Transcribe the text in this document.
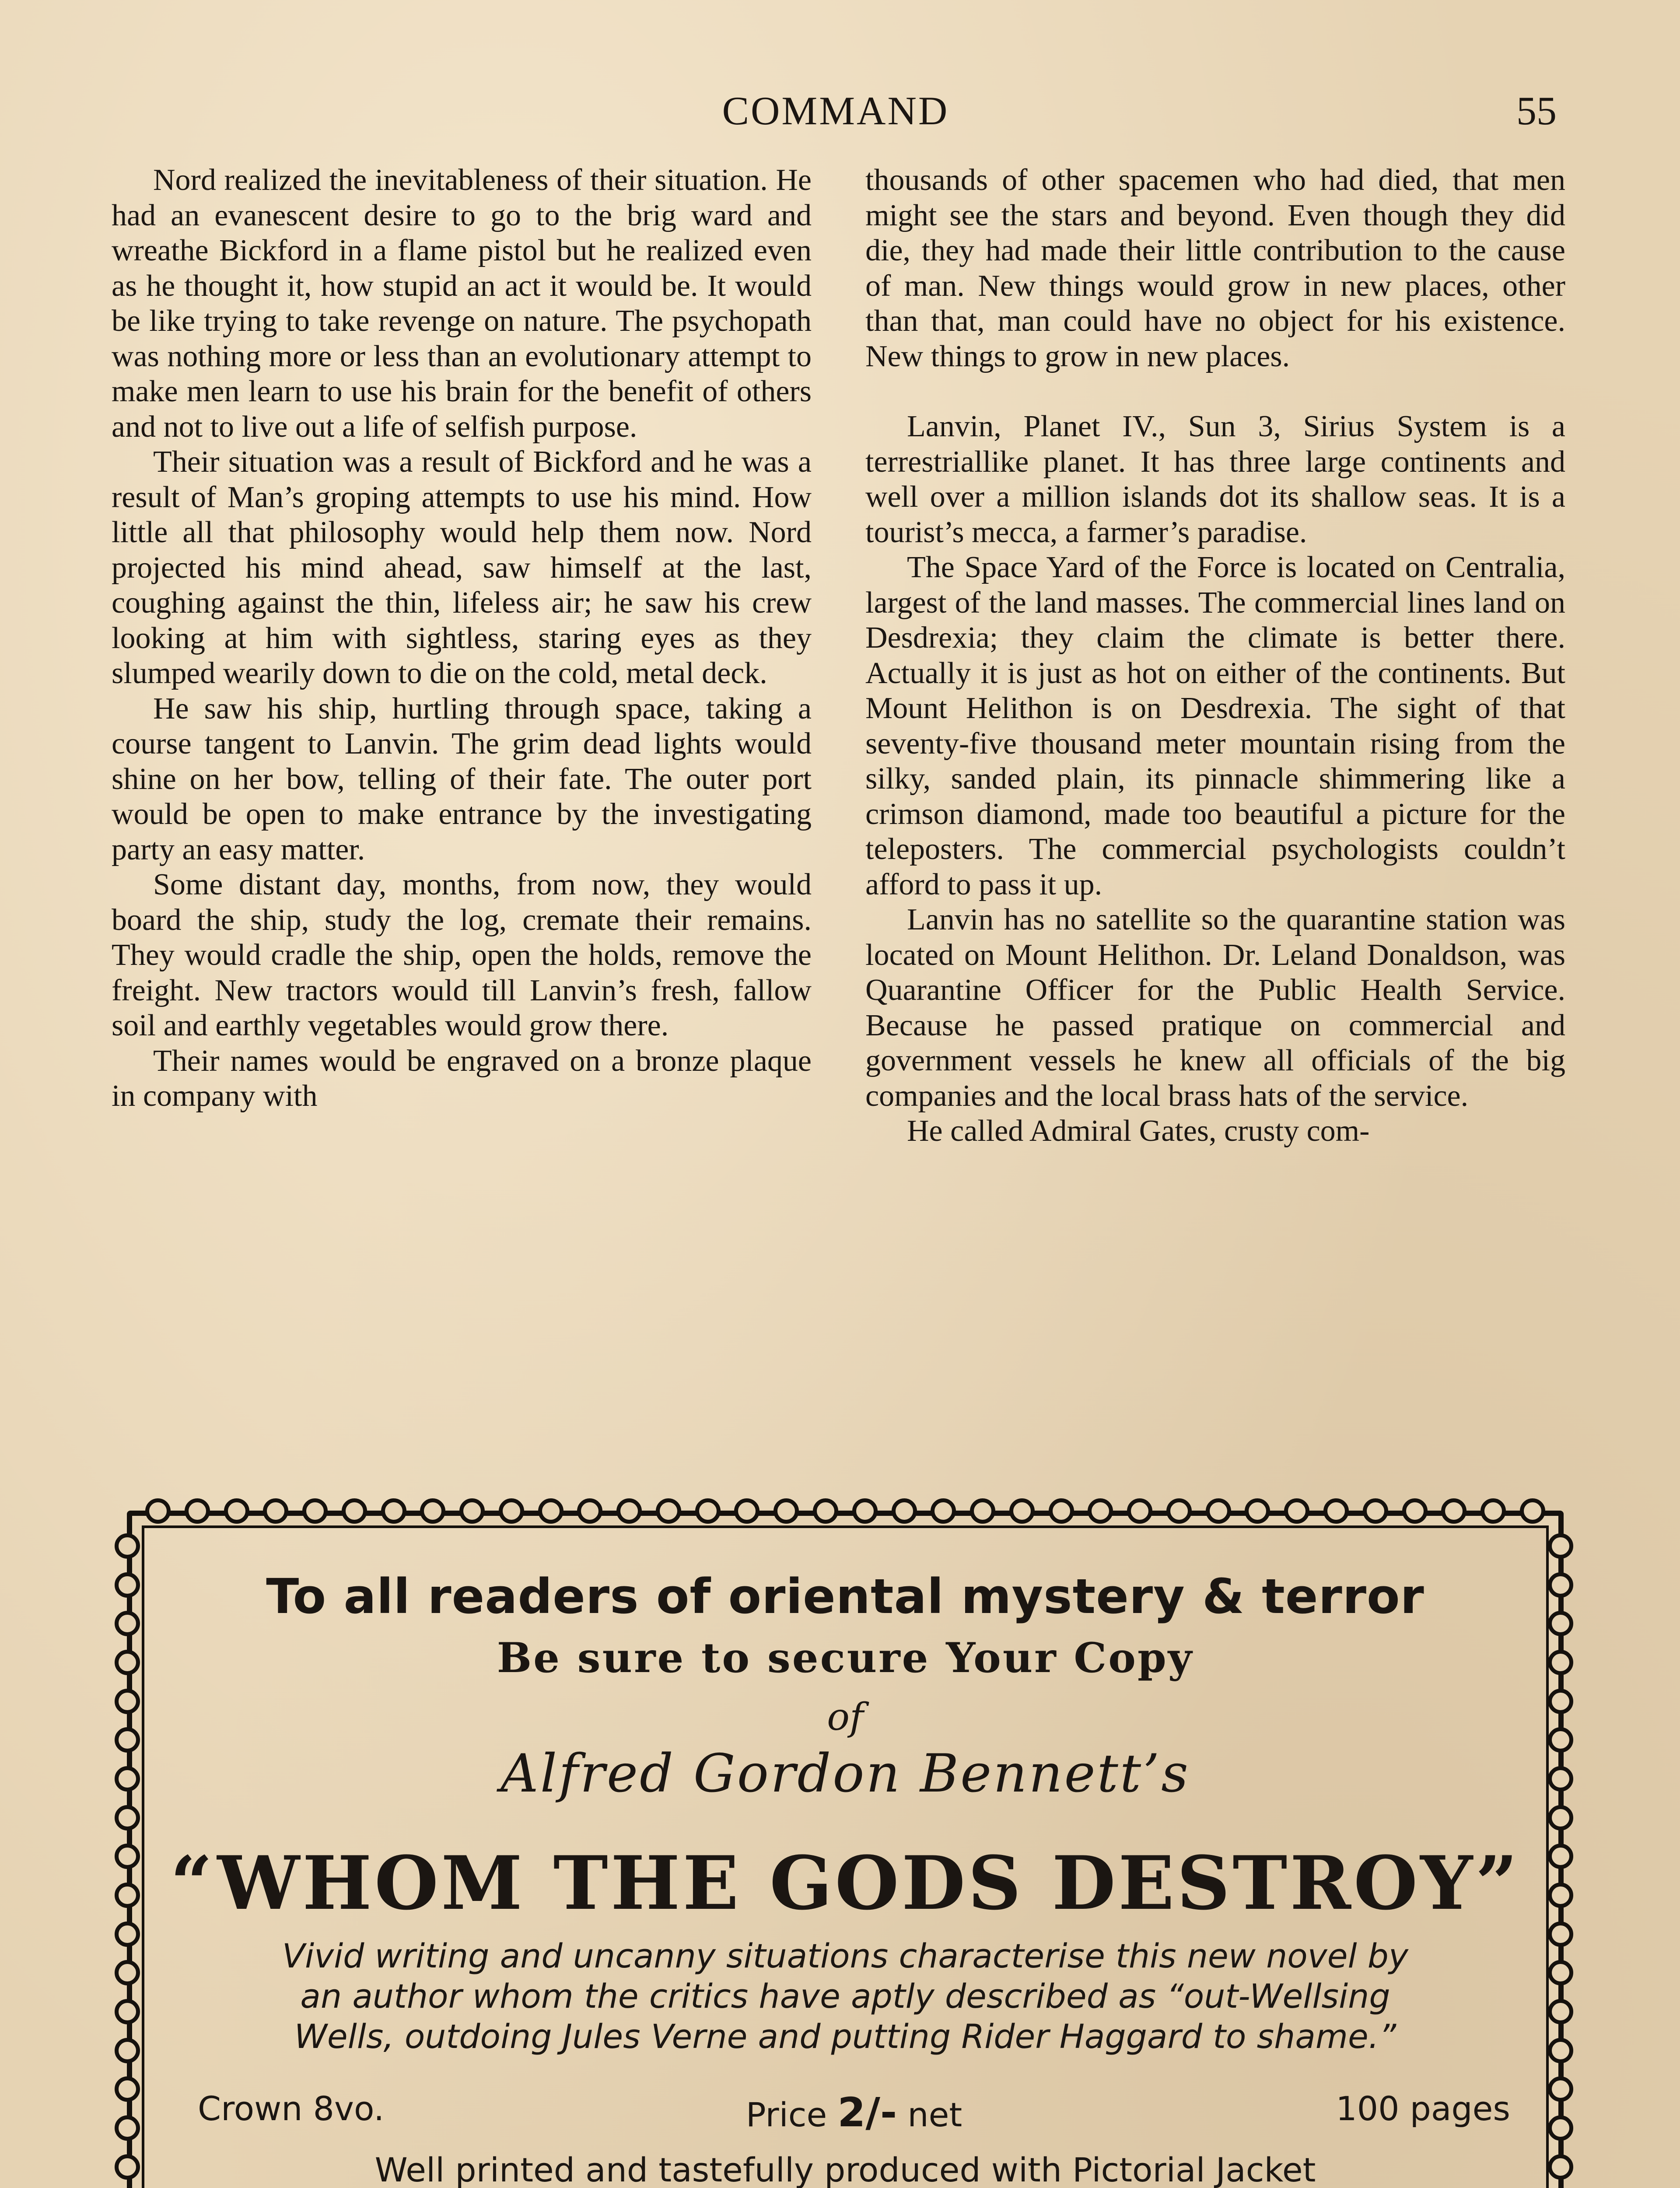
COMMAND	55

Nord realized the inevitableness of their situation. He had an evanescent desire to go to the brig ward and wreathe Bickford in a flame pistol but he realized even as he thought it, how stupid an act it would be. It would be like trying to take revenge on nature. The psychopath was nothing more or less than an evolutionary attempt to make men learn to use his brain for the benefit of others and not to live out a life of selfish purpose.

Their situation was a result of Bickford and he was a result of Man’s groping attempts to use his mind. How little all that philosophy would help them now. Nord projected his mind ahead, saw himself at the last, coughing against the thin, lifeless air; he saw his crew looking at him with sightless, staring eyes as they slumped wearily down to die on the cold, metal deck.

He saw his ship, hurtling through space, taking a course tangent to Lanvin. The grim dead lights would shine on her bow, telling of their fate. The outer port would be open to make entrance by the investigating party an easy matter.

Some distant day, months, from now, they would board the ship, study the log, cremate their remains. They would cradle the ship, open the holds, remove the freight. New tractors would till Lanvin’s fresh, fallow soil and earthly vegetables would grow there.

Their names would be engraved on a bronze plaque in company with

thousands of other spacemen who had died, that men might see the stars and beyond. Even though they did die, they had made their little contribution to the cause of man. New things would grow in new places, other than that, man could have no object for his existence. New things to grow in new places.

Lanvin, Planet IV., Sun 3, Sirius System is a terrestriallike planet. It has three large continents and well over a million islands dot its shallow seas. It is a tourist’s mecca, a farmer’s paradise.

The Space Yard of the Force is located on Centralia, largest of the land masses. The commercial lines land on Desdrexia; they claim the climate is better there. Actually it is just as hot on either of the continents. But Mount Helithon is on Desdrexia. The sight of that seventy-five thousand meter mountain rising from the silky, sanded plain, its pinnacle shimmering like a crimson diamond, made too beautiful a picture for the teleposters. The commercial psychologists couldn’t afford to pass it up.

Lanvin has no satellite so the quarantine station was located on Mount Helithon. Dr. Leland Donaldson, was Quarantine Officer for the Public Health Service. Because he passed pratique on commercial and government vessels he knew all officials of the big companies and the local brass hats of the service.

He called Admiral Gates, crusty com-

To all readers of oriental mystery & terror
Be sure to secure Your Copy
of
Alfred Gordon Bennett’s
“WHOM THE GODS DESTROY”
Vivid writing and uncanny situations characterise this new novel by
an author whom the critics have aptly described as “out-Wellsing
Wells, outdoing Jules Verne and putting Rider Haggard to shame.”
Crown 8vo.	Price 2/- net	100 pages
Well printed and tastefully produced with Pictorial Jacket
